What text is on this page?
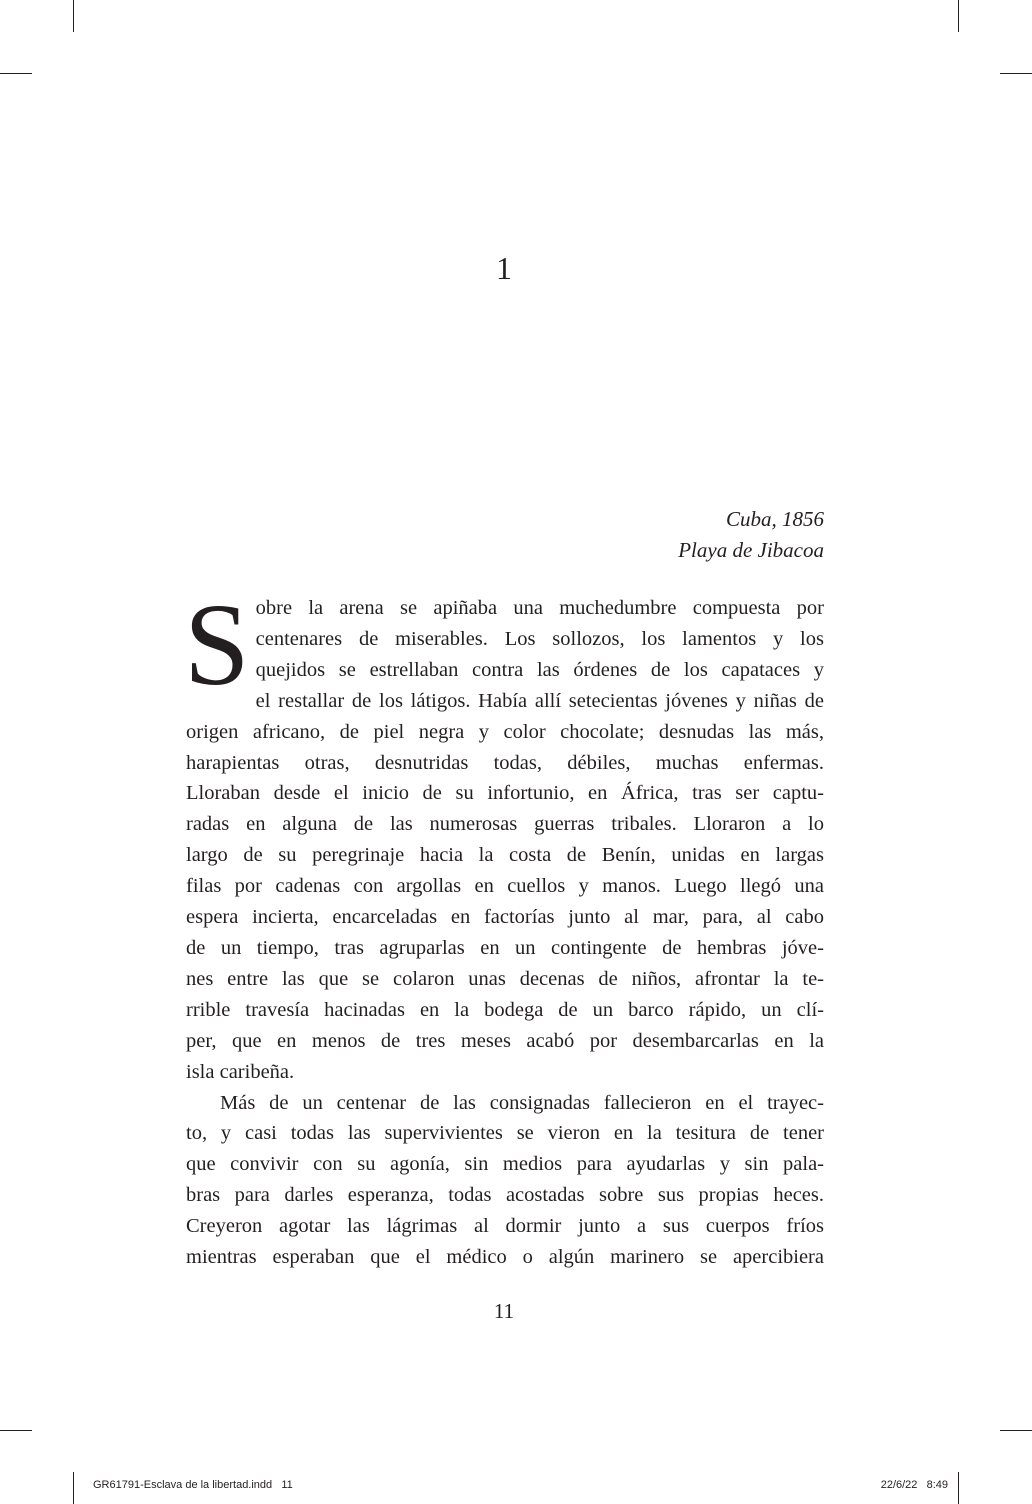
1
Cuba, 1856
Playa de Jibacoa
S obre la arena se apiñaba una muchedumbre compuesta por
centenares de miserables. Los sollozos, los lamentos y los
quejidos se estrellaban contra las órdenes de los capataces y
el restallar de los látigos. Había allí setecientas jóvenes y niñas de
origen africano, de piel negra y color chocolate; desnudas las más,
harapientas otras, desnutridas todas, débiles, muchas enfermas.
Lloraban desde el inicio de su infortunio, en África, tras ser captu-
radas en alguna de las numerosas guerras tribales. Lloraron a lo
largo de su peregrinaje hacia la costa de Benín, unidas en largas
filas por cadenas con argollas en cuellos y manos. Luego llegó una
espera incierta, encarceladas en factorías junto al mar, para, al cabo
de un tiempo, tras agruparlas en un contingente de hembras jóve-
nes entre las que se colaron unas decenas de niños, afrontar la te-
rrible travesía hacinadas en la bodega de un barco rápido, un clí-
per, que en menos de tres meses acabó por desembarcarlas en la
isla caribeña.
Más de un centenar de las consignadas fallecieron en el trayec-
to, y casi todas las supervivientes se vieron en la tesitura de tener
que convivir con su agonía, sin medios para ayudarlas y sin pala-
bras para darles esperanza, todas acostadas sobre sus propias heces.
Creyeron agotar las lágrimas al dormir junto a sus cuerpos fríos
mientras esperaban que el médico o algún marinero se apercibiera
11
GR61791-Esclava de la libertad.indd   11	22/6/22   8:49
